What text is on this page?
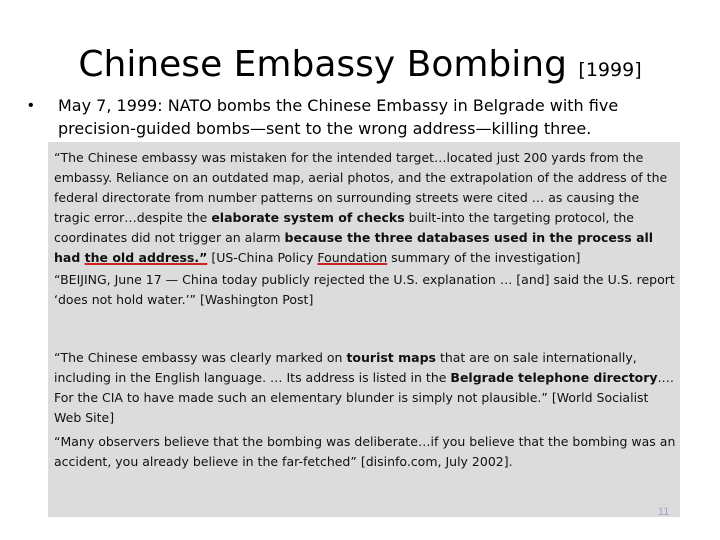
Chinese Embassy Bombing [1999]
• May 7, 1999: NATO bombs the Chinese Embassy in Belgrade with five precision-guided bombs—sent to the wrong address—killing three.
“The Chinese embassy was mistaken for the intended target…located just 200 yards from the embassy. Reliance on an outdated map, aerial photos, and the extrapolation of the address of the federal directorate from number patterns on surrounding streets were cited … as causing the tragic error…despite the elaborate system of checks built-into the targeting protocol, the coordinates did not trigger an alarm because the three databases used in the process all had the old address.” [US-China Policy Foundation summary of the investigation]
“BEIJING, June 17 — China today publicly rejected the U.S. explanation … [and] said the U.S. report ‘does not hold water.’” [Washington Post]
“The Chinese embassy was clearly marked on tourist maps that are on sale internationally, including in the English language. … Its address is listed in the Belgrade telephone directory.… For the CIA to have made such an elementary blunder is simply not plausible.” [World Socialist Web Site]
“Many observers believe that the bombing was deliberate…if you believe that the bombing was an accident, you already believe in the far-fetched” [disinfo.com, July 2002].
11
